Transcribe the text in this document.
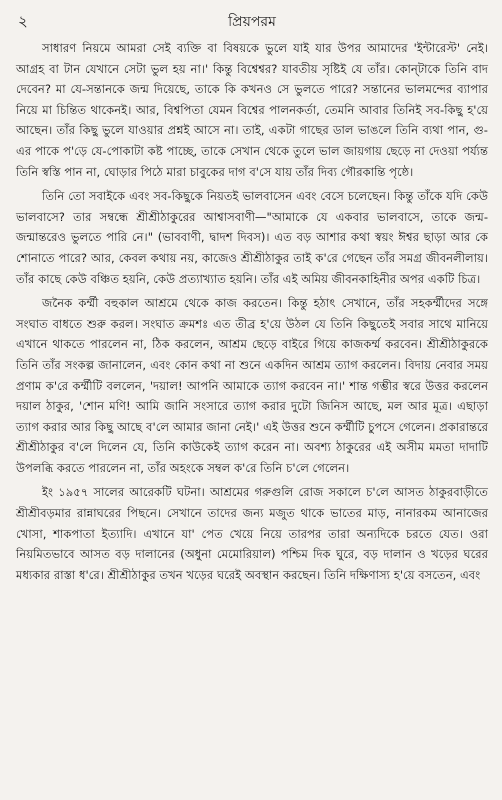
২	প্রিয়পরম

সাধারণ নিয়মে আমরা সেই ব্যক্তি বা বিষয়কে ভুলে যাই যার উপর আমাদের 'ইন্টারেস্ট' নেই। আগ্রহ বা টান যেখানে সেটা ভুল হয় না।' কিন্তু বিশ্বেশ্বর? যাবতীয় সৃষ্টিই যে তাঁর। কোন্‌টাকে তিনি বাদ দেবেন? মা যে-সন্তানকে জন্ম দিয়েছে, তাকে কি কখনও সে ভুলতে পারে? সন্তানের ভালমন্দের ব্যাপার নিয়ে মা চিন্তিত থাকেনই। আর, বিশ্বপিতা যেমন বিশ্বের পালনকর্তা, তেমনি আবার তিনিই সব-কিছু হ'য়ে আছেন। তাঁর কিছু ভুলে যাওয়ার প্রশ্নই আসে না। তাই, একটা গাছের ডাল ভাঙলে তিনি ব্যথা পান, গু-এর পাকে প'ড়ে যে-পোকাটা কষ্ট পাচ্ছে, তাকে সেখান থেকে তুলে ভাল জায়গায় ছেড়ে না দেওয়া পর্য্যন্ত তিনি স্বস্তি পান না, ঘোড়ার পিঠে মারা চাবুকের দাগ ব'সে যায় তাঁর দিব্য গৌরকান্তি পৃষ্ঠে।

তিনি তো সবাইকে এবং সব-কিছুকে নিয়তই ভালবাসেন এবং বেসে চলেছেন। কিন্তু তাঁকে যদি কেউ ভালবাসে? তার সম্বন্ধে শ্রীশ্রীঠাকুরের আশ্বাসবাণী—"আমাকে যে একবার ভালবাসে, তাকে জন্ম-জন্মান্তরেও ভুলতে পারি নে।" (ভাববাণী, দ্বাদশ দিবস)। এত বড় আশার কথা স্বয়ং ঈশ্বর ছাড়া আর কে শোনাতে পারে? আর, কেবল কথায় নয়, কাজেও শ্রীশ্রীঠাকুর তাই ক'রে গেছেন তাঁর সমগ্র জীবনলীলায়। তাঁর কাছে কেউ বঞ্চিত হয়নি, কেউ প্রত্যাখ্যাত হয়নি। তাঁর এই অমিয় জীবনকাহিনীর অপর একটি চিত্র।

জনৈক কর্ম্মী বহুকাল আশ্রমে থেকে কাজ করতেন। কিন্তু হঠাৎ সেখানে, তাঁর সহকর্ম্মীদের সঙ্গে সংঘাত বাধতে শুরু করল। সংঘাত ক্রমশঃ এত তীব্র হ'য়ে উঠল যে তিনি কিছুতেই সবার সাথে মানিয়ে এখানে থাকতে পারলেন না, ঠিক করলেন, আশ্রম ছেড়ে বাইরে গিয়ে কাজকর্ম্ম করবেন। শ্রীশ্রীঠাকুরকে তিনি তাঁর সংকল্প জানালেন, এবং কোন কথা না শুনে একদিন আশ্রম ত্যাগ করলেন। বিদায় নেবার সময় প্রণাম ক'রে কর্ম্মীটি বললেন, 'দয়াল! আপনি আমাকে ত্যাগ করবেন না।' শান্ত গম্ভীর স্বরে উত্তর করলেন দয়াল ঠাকুর, 'শোন মণি! আমি জানি সংসারে ত্যাগ করার দুটো জিনিস আছে, মল আর মূত্র। এছাড়া ত্যাগ করার আর কিছু আছে ব'লে আমার জানা নেই।' এই উত্তর শুনে কর্ম্মীটি চুপসে গেলেন। প্রকারান্তরে শ্রীশ্রীঠাকুর ব'লে দিলেন যে, তিনি কাউকেই ত্যাগ করেন না। অবশ্য ঠাকুরের এই অসীম মমতা দাদাটি উপলব্ধি করতে পারলেন না, তাঁর অহংকে সম্বল ক'রে তিনি চ'লে গেলেন।

ইং ১৯৫৭ সালের আরেকটি ঘটনা। আশ্রমের গরুগুলি রোজ সকালে চ'লে আসত ঠাকুরবাড়ীতে শ্রীশ্রীবড়মার রান্নাঘরের পিছনে। সেখানে তাদের জন্য মজুত থাকে ভাতের মাড়, নানারকম আনাজের খোসা, শাকপাতা ইত্যাদি। এখানে যা' পেত খেয়ে নিয়ে তারপর তারা অন্যদিকে চরতে যেত। ওরা নিয়মিতভাবে আসত বড় দালানের (অধুনা মেমোরিয়াল) পশ্চিম দিক ঘুরে, বড় দালান ও খড়ের ঘরের মধ্যকার রাস্তা ধ'রে। শ্রীশ্রীঠাকুর তখন খড়ের ঘরেই অবস্থান করছেন। তিনি দক্ষিণাস্য হ'য়ে বসতেন, এবং
